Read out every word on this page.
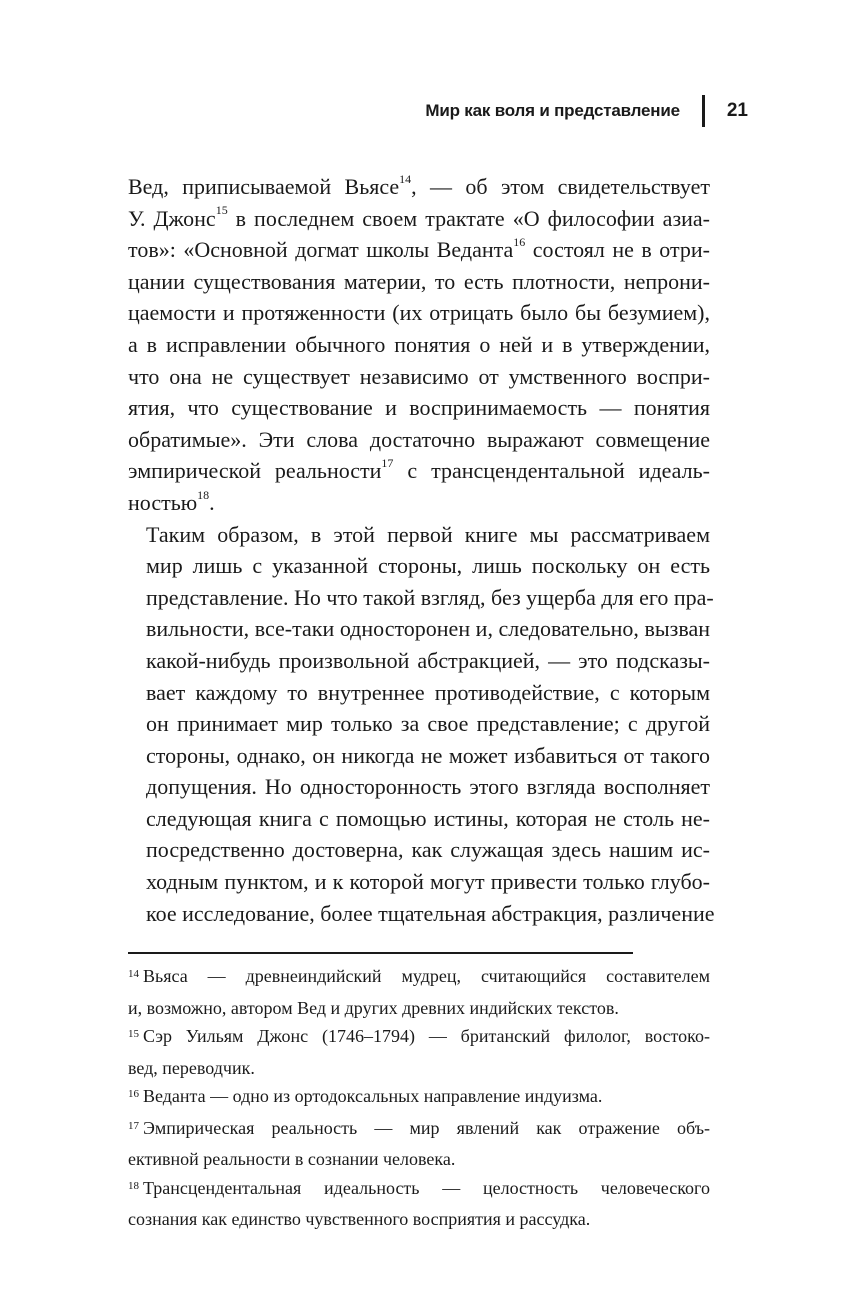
Мир как воля и представление 21

Вед, приписываемой Вьясе$^{14}$, — об этом свидетельствует
У. Джонс$^{15}$ в последнем своем трактате «О философии азиа-
тов»: «Основной догмат школы Веданта$^{16}$ состоял не в отри-
цании существования материи, то есть плотности, непрони-
цаемости и протяженности (их отрицать было бы безумием),
а в исправлении обычного понятия о ней и в утверждении,
что она не существует независимо от умственного воспри-
ятия, что существование и воспринимаемость — понятия
обратимые». Эти слова достаточно выражают совмещение
эмпирической реальности$^{17}$ с трансцендентальной идеаль-
ностью$^{18}$.

Таким образом, в этой первой книге мы рассматриваем
мир лишь с указанной стороны, лишь поскольку он есть
представление. Но что такой взгляд, без ущерба для его пра-
вильности, все-таки односторонен и, следовательно, вызван
какой-нибудь произвольной абстракцией, — это подсказы-
вает каждому то внутреннее противодействие, с которым
он принимает мир только за свое представление; с другой
стороны, однако, он никогда не может избавиться от такого
допущения. Но односторонность этого взгляда восполняет
следующая книга с помощью истины, которая не столь не-
посредственно достоверна, как служащая здесь нашим ис-
ходным пунктом, и к которой могут привести только глубо-
кое исследование, более тщательная абстракция, различение

$^{14}$ Вьяса — древнеиндийский мудрец, считающийся составителем
и, возможно, автором Вед и других древних индийских текстов.
$^{15}$ Сэр Уильям Джонс (1746–1794) — британский филолог, востоко-
вед, переводчик.
$^{16}$ Веданта — одно из ортодоксальных направление индуизма.
$^{17}$ Эмпирическая реальность — мир явлений как отражение объ-
ективной реальности в сознании человека.
$^{18}$ Трансцендентальная идеальность — целостность человеческого
сознания как единство чувственного восприятия и рассудка.
